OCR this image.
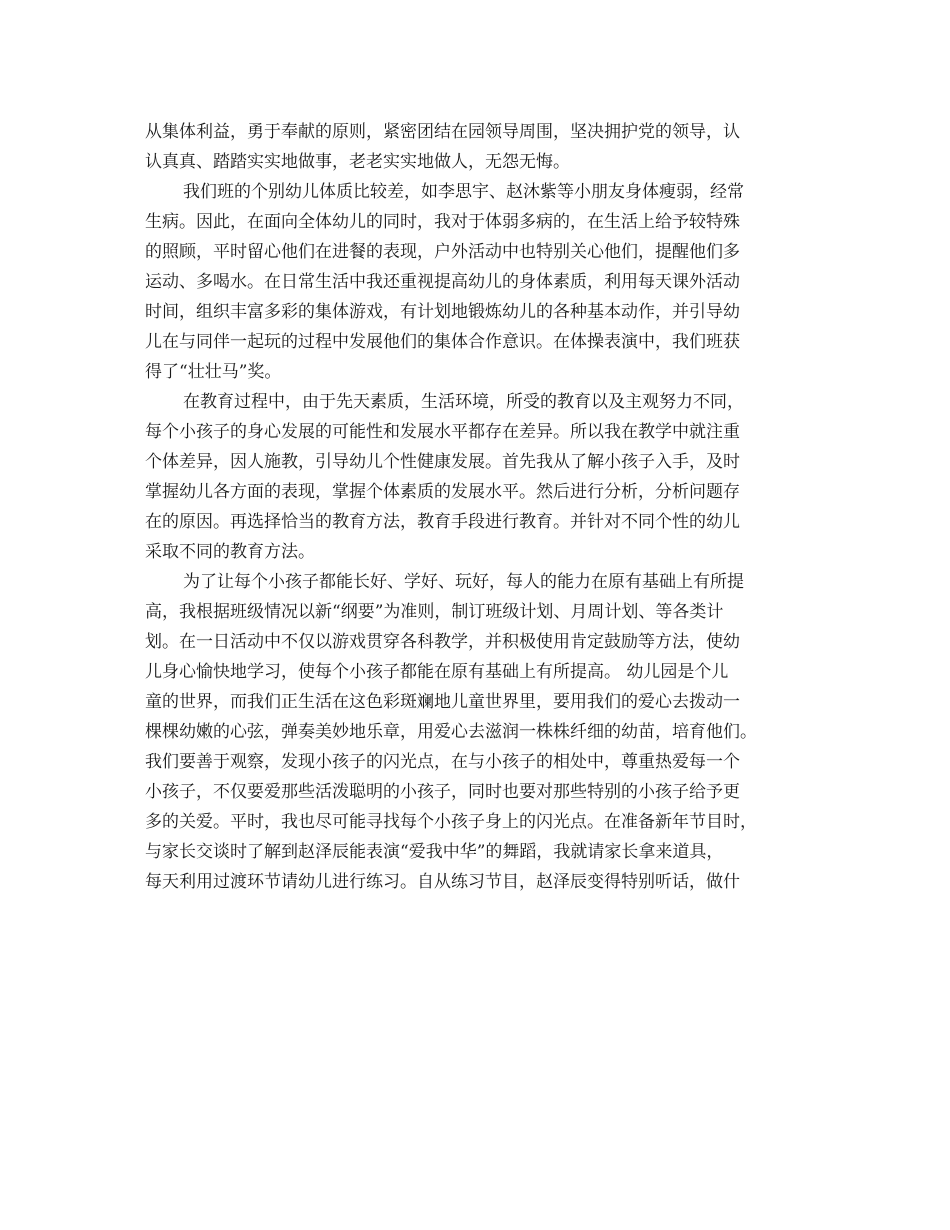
从集体利益，勇于奉献的原则，紧密团结在园领导周围，坚决拥护党的领导，认
认真真、踏踏实实地做事，老老实实地做人，无怨无悔。
我们班的个别幼儿体质比较差，如李思宇、赵沐紫等小朋友身体瘦弱，经常
生病。因此，在面向全体幼儿的同时，我对于体弱多病的，在生活上给予较特殊
的照顾，平时留心他们在进餐的表现，户外活动中也特别关心他们，提醒他们多
运动、多喝水。在日常生活中我还重视提高幼儿的身体素质，利用每天课外活动
时间，组织丰富多彩的集体游戏，有计划地锻炼幼儿的各种基本动作，并引导幼
儿在与同伴一起玩的过程中发展他们的集体合作意识。在体操表演中，我们班获
得了“壮壮马”奖。
在教育过程中，由于先天素质，生活环境，所受的教育以及主观努力不同，
每个小孩子的身心发展的可能性和发展水平都存在差异。所以我在教学中就注重
个体差异，因人施教，引导幼儿个性健康发展。首先我从了解小孩子入手，及时
掌握幼儿各方面的表现，掌握个体素质的发展水平。然后进行分析，分析问题存
在的原因。再选择恰当的教育方法，教育手段进行教育。并针对不同个性的幼儿
采取不同的教育方法。
为了让每个小孩子都能长好、学好、玩好，每人的能力在原有基础上有所提
高，我根据班级情况以新“纲要”为准则，制订班级计划、月周计划、等各类计
划。在一日活动中不仅以游戏贯穿各科教学，并积极使用肯定鼓励等方法，使幼
儿身心愉快地学习，使每个小孩子都能在原有基础上有所提高。 幼儿园是个儿
童的世界，而我们正生活在这色彩斑斓地儿童世界里，要用我们的爱心去拨动一
棵棵幼嫩的心弦，弹奏美妙地乐章，用爱心去滋润一株株纤细的幼苗，培育他们。
我们要善于观察，发现小孩子的闪光点，在与小孩子的相处中，尊重热爱每一个
小孩子，不仅要爱那些活泼聪明的小孩子，同时也要对那些特别的小孩子给予更
多的关爱。平时，我也尽可能寻找每个小孩子身上的闪光点。在准备新年节目时，
与家长交谈时了解到赵泽辰能表演“爱我中华”的舞蹈，我就请家长拿来道具，
每天利用过渡环节请幼儿进行练习。自从练习节目，赵泽辰变得特别听话，做什
